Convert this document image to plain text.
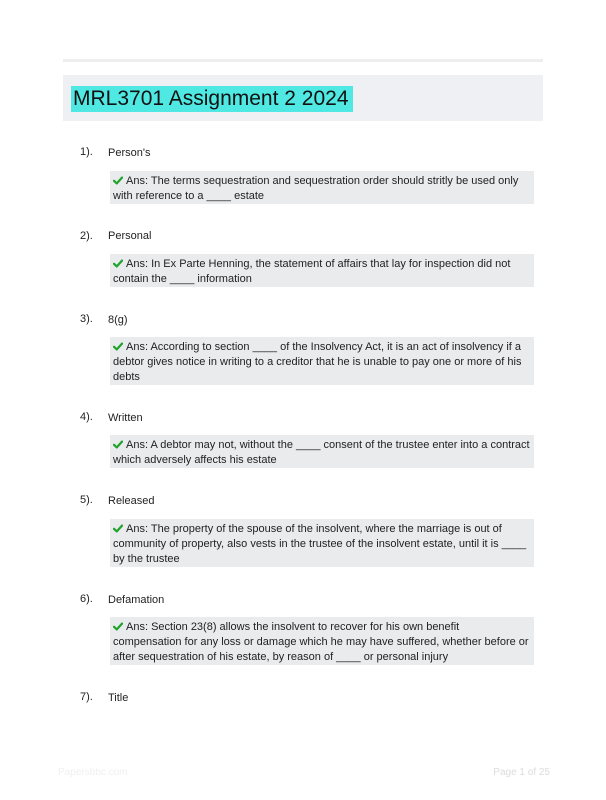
MRL3701 Assignment 2 2024
1). Person's
Ans: The terms sequestration and sequestration order should stritly be used only with reference to a ____ estate
2). Personal
Ans: In Ex Parte Henning, the statement of affairs that lay for inspection did not contain the ____ information
3). 8(g)
Ans: According to section ____ of the Insolvency Act, it is an act of insolvency if a debtor gives notice in writing to a creditor that he is unable to pay one or more of his debts
4). Written
Ans: A debtor may not, without the ____ consent of the trustee enter into a contract which adversely affects his estate
5). Released
Ans: The property of the spouse of the insolvent, where the marriage is out of community of property, also vests in the trustee of the insolvent estate, until it is ____ by the trustee
6). Defamation
Ans: Section 23(8) allows the insolvent to recover for his own benefit compensation for any loss or damage which he may have suffered, whether before or after sequestration of his estate, by reason of ____ or personal injury
7). Title
Papersbbc.com	Page 1 of 25
